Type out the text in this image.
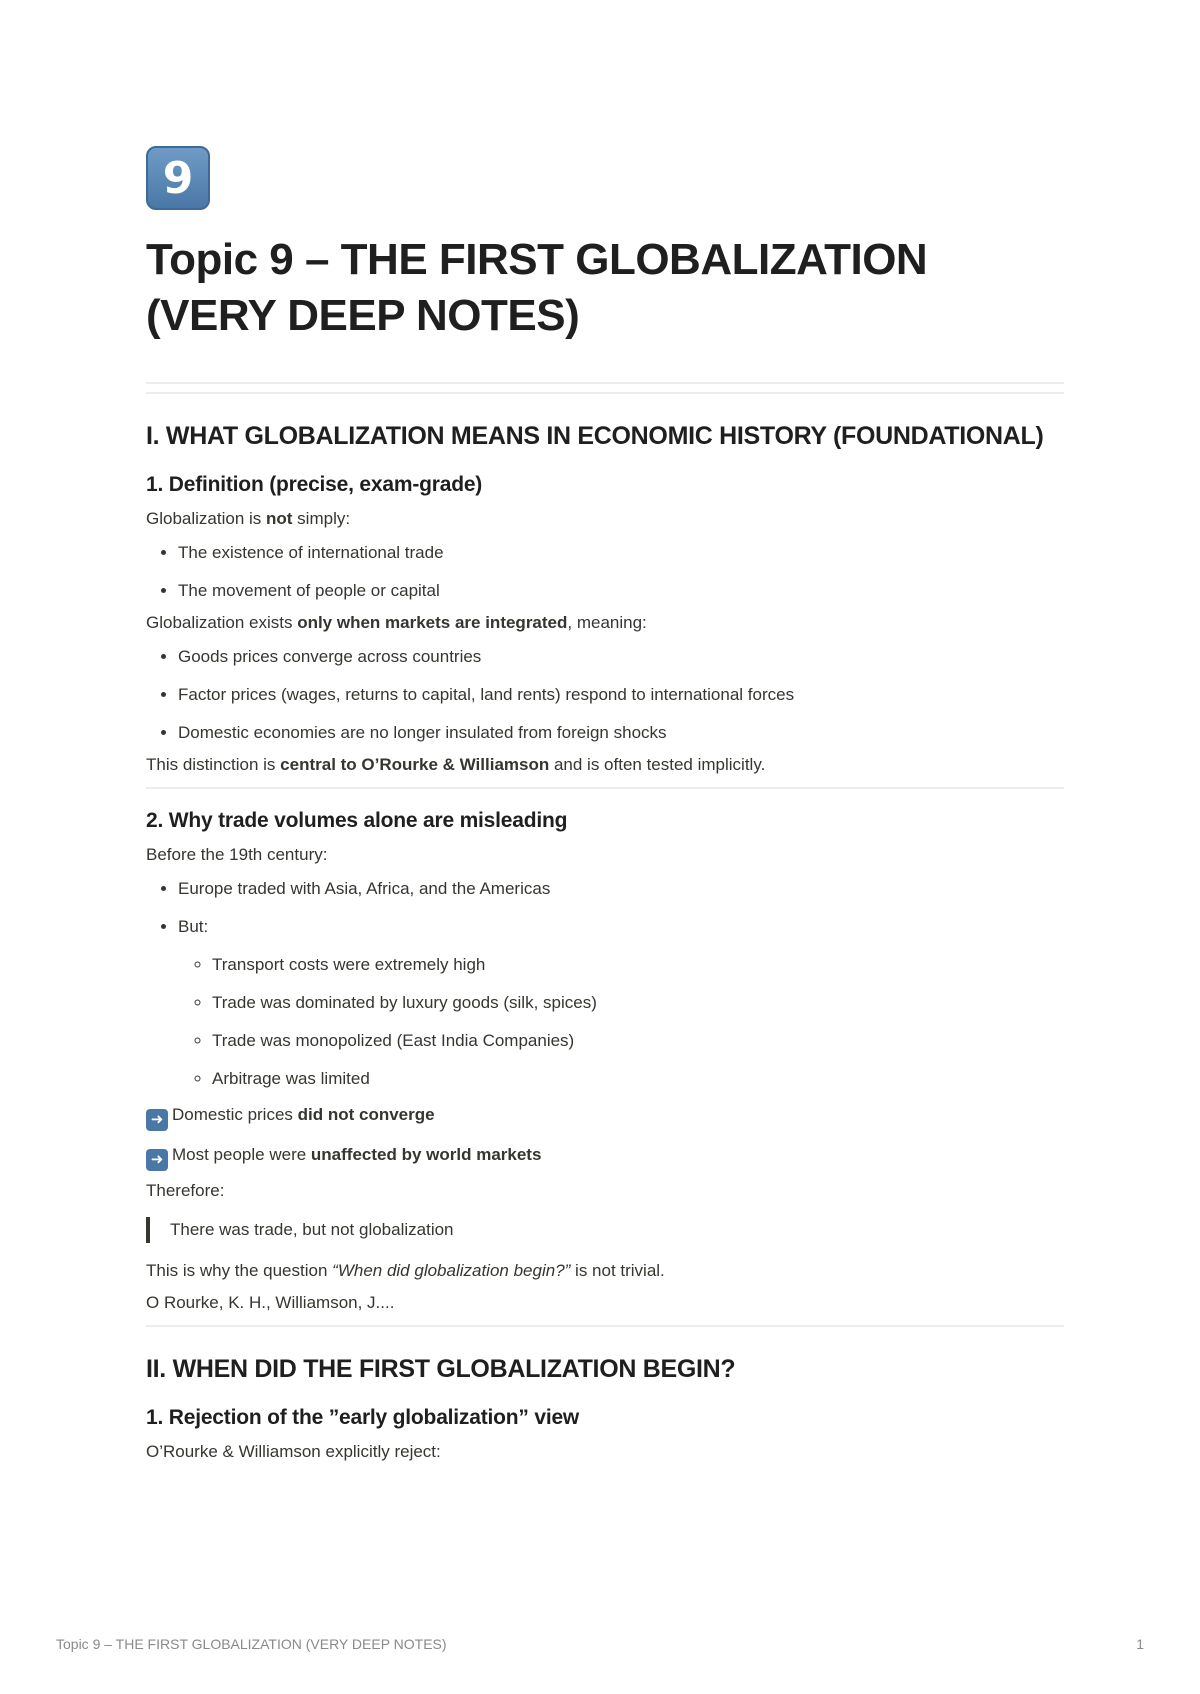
9
Topic 9 – THE FIRST GLOBALIZATION
(VERY DEEP NOTES)
I. WHAT GLOBALIZATION MEANS IN ECONOMIC HISTORY (FOUNDATIONAL)
1. Definition (precise, exam-grade)

Globalization is not simply:

• The existence of international trade
• The movement of people or capital

Globalization exists only when markets are integrated, meaning:

• Goods prices converge across countries
• Factor prices (wages, returns to capital, land rents) respond to international forces
• Domestic economies are no longer insulated from foreign shocks

This distinction is central to O’Rourke & Williamson and is often tested implicitly.

2. Why trade volumes alone are misleading

Before the 19th century:

• Europe traded with Asia, Africa, and the Americas
• But:
◦ Transport costs were extremely high
◦ Trade was dominated by luxury goods (silk, spices)
◦ Trade was monopolized (East India Companies)
◦ Arbitrage was limited

➜ Domestic prices did not converge

➜ Most people were unaffected by world markets

Therefore:

There was trade, but not globalization

This is why the question “When did globalization begin?” is not trivial.

O Rourke, K. H., Williamson, J....

II. WHEN DID THE FIRST GLOBALIZATION BEGIN?
1. Rejection of the ”early globalization” view

O’Rourke & Williamson explicitly reject:

Topic 9 – THE FIRST GLOBALIZATION (VERY DEEP NOTES)	1
